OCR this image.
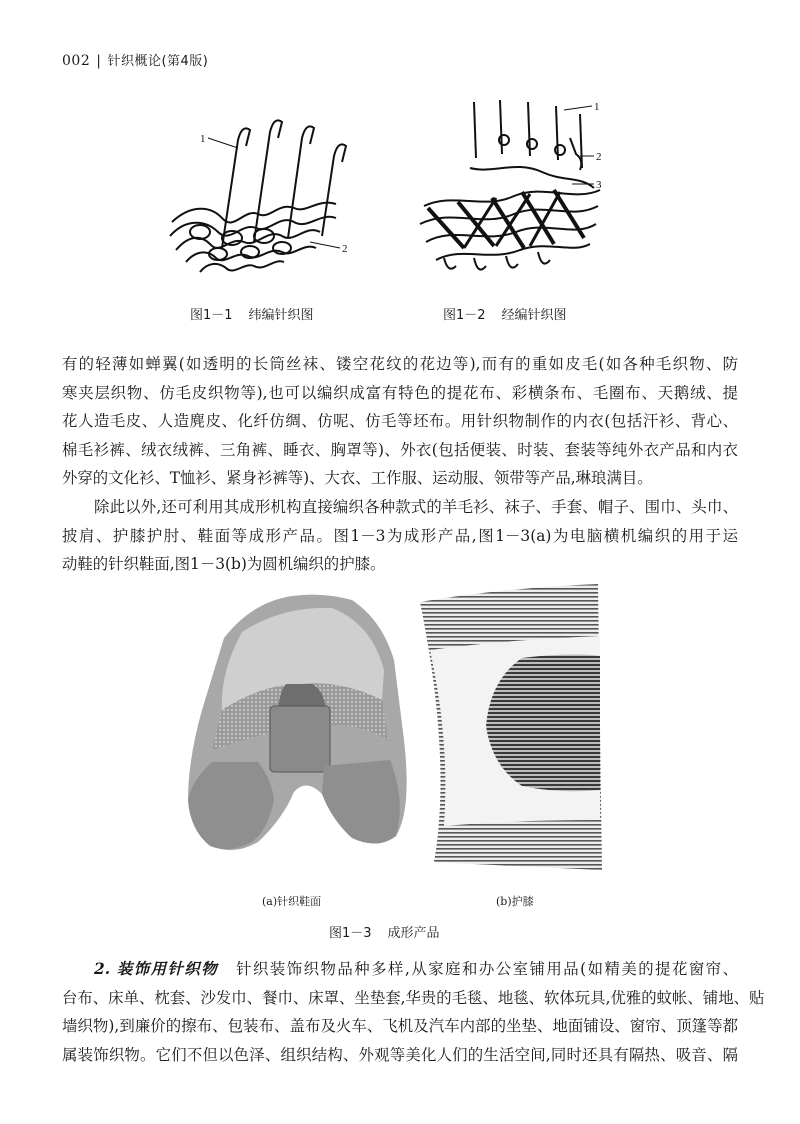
002 | 针织概论(第4版)
1
2
图1－1 纬编针织图
1
2
3
图1－2 经编针织图
有的轻薄如蝉翼(如透明的长筒丝袜、镂空花纹的花边等),而有的重如皮毛(如各种毛织物、防
寒夹层织物、仿毛皮织物等),也可以编织成富有特色的提花布、彩横条布、毛圈布、天鹅绒、提
花人造毛皮、人造麂皮、化纤仿绸、仿呢、仿毛等坯布。用针织物制作的内衣(包括汗衫、背心、
棉毛衫裤、绒衣绒裤、三角裤、睡衣、胸罩等)、外衣(包括便装、时装、套装等纯外衣产品和内衣
外穿的文化衫、T恤衫、紧身衫裤等)、大衣、工作服、运动服、领带等产品,琳琅满目。
除此以外,还可利用其成形机构直接编织各种款式的羊毛衫、袜子、手套、帽子、围巾、头巾、
披肩、护膝护肘、鞋面等成形产品。图1－3为成形产品,图1－3(a)为电脑横机编织的用于运
动鞋的针织鞋面,图1－3(b)为圆机编织的护膝。
(a)针织鞋面	(b)护膝
图1－3 成形产品
2. 装饰用针织物 针织装饰织物品种多样,从家庭和办公室铺用品(如精美的提花窗帘、
台布、床单、枕套、沙发巾、餐巾、床罩、坐垫套,华贵的毛毯、地毯、软体玩具,优雅的蚊帐、铺地、贴
墙织物),到廉价的擦布、包装布、盖布及火车、飞机及汽车内部的坐垫、地面铺设、窗帘、顶篷等都
属装饰织物。它们不但以色泽、组织结构、外观等美化人们的生活空间,同时还具有隔热、吸音、隔
